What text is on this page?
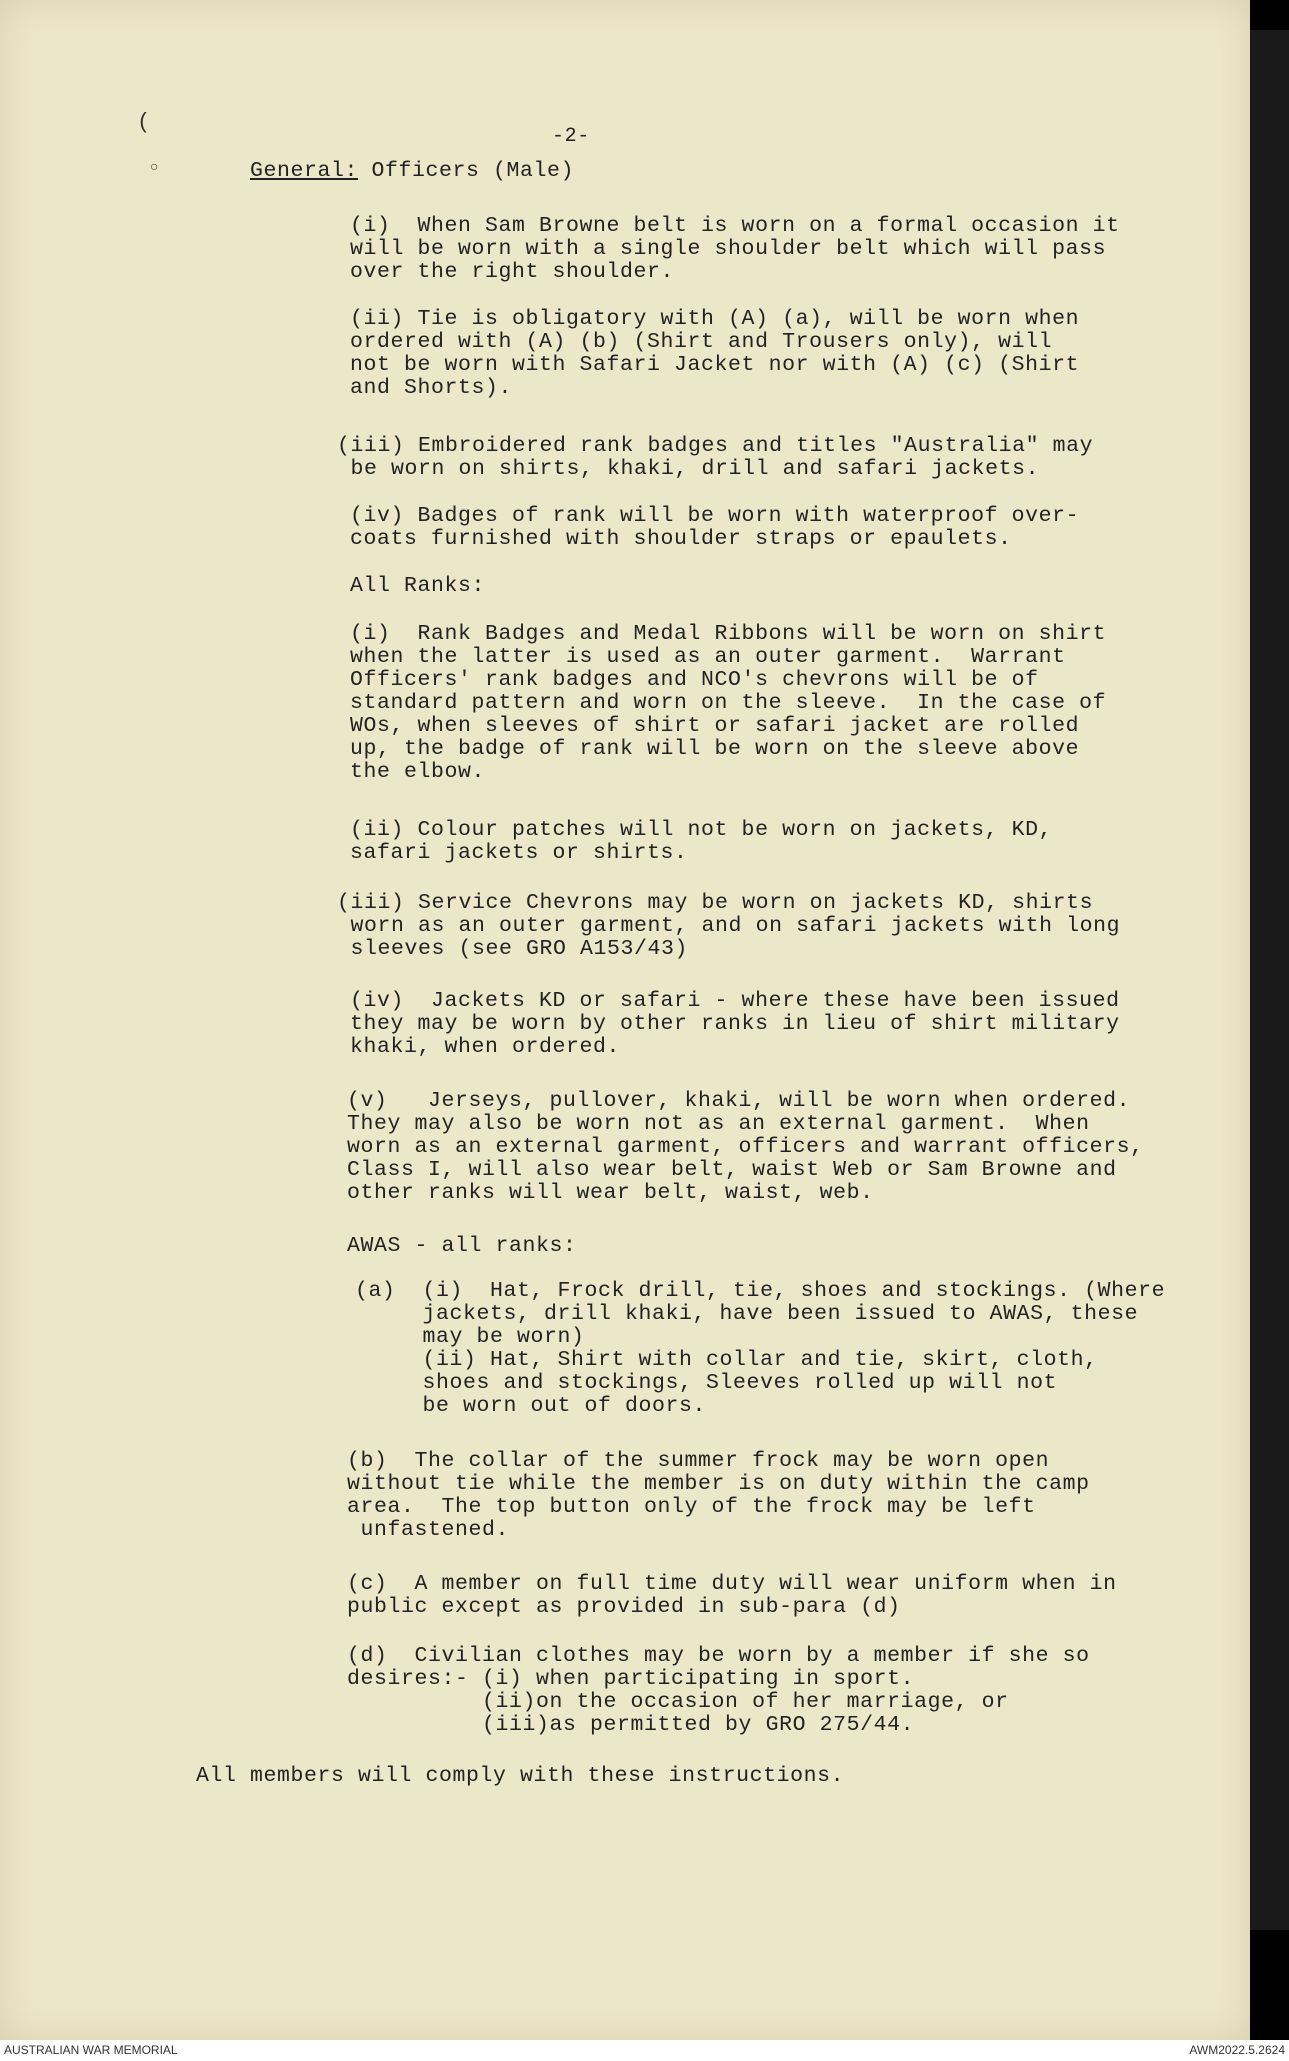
(
○

-2-

General: Officers (Male)

(i)  When Sam Browne belt is worn on a formal occasion it
will be worn with a single shoulder belt which will pass
over the right shoulder.

(ii) Tie is obligatory with (A) (a), will be worn when
ordered with (A) (b) (Shirt and Trousers only), will
not be worn with Safari Jacket nor with (A) (c) (Shirt
and Shorts).

(iii) Embroidered rank badges and titles "Australia" may
be worn on shirts, khaki, drill and safari jackets.

(iv) Badges of rank will be worn with waterproof over-
coats furnished with shoulder straps or epaulets.

All Ranks:

(i)  Rank Badges and Medal Ribbons will be worn on shirt
when the latter is used as an outer garment.  Warrant
Officers' rank badges and NCO's chevrons will be of
standard pattern and worn on the sleeve.  In the case of
WOs, when sleeves of shirt or safari jacket are rolled
up, the badge of rank will be worn on the sleeve above
the elbow.

(ii) Colour patches will not be worn on jackets, KD,
safari jackets or shirts.

(iii) Service Chevrons may be worn on jackets KD, shirts
worn as an outer garment, and on safari jackets with long
sleeves (see GRO A153/43)

(iv)  Jackets KD or safari - where these have been issued
they may be worn by other ranks in lieu of shirt military
khaki, when ordered.

(v)   Jerseys, pullover, khaki, will be worn when ordered.
They may also be worn not as an external garment.  When
worn as an external garment, officers and warrant officers,
Class I, will also wear belt, waist Web or Sam Browne and
other ranks will wear belt, waist, web.

AWAS - all ranks:

(a)  (i)  Hat, Frock drill, tie, shoes and stockings. (Where
jackets, drill khaki, have been issued to AWAS, these
may be worn)
(ii) Hat, Shirt with collar and tie, skirt, cloth,
shoes and stockings, Sleeves rolled up will not
be worn out of doors.

(b)  The collar of the summer frock may be worn open
without tie while the member is on duty within the camp
area.  The top button only of the frock may be left
unfastened.

(c)  A member on full time duty will wear uniform when in
public except as provided in sub-para (d)

(d)  Civilian clothes may be worn by a member if she so
desires:- (i) when participating in sport.
(ii)on the occasion of her marriage, or
(iii)as permitted by GRO 275/44.

All members will comply with these instructions.

AUSTRALIAN WAR MEMORIAL	AWM2022.5.2624
